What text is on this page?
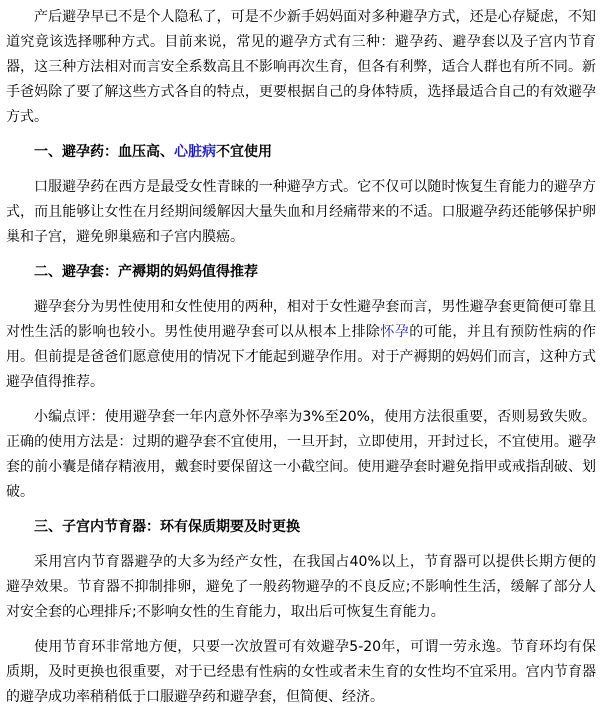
产后避孕早已不是个人隐私了，可是不少新手妈妈面对多种避孕方式，还是心存疑虑，不知道究竟该选择哪种方式。目前来说，常见的避孕方式有三种：避孕药、避孕套以及子宫内节育器，这三种方法相对而言安全系数高且不影响再次生育，但各有利弊，适合人群也有所不同。新手爸妈除了要了解这些方式各自的特点，更要根据自己的身体特质，选择最适合自己的有效避孕方式。

一、避孕药：血压高、心脏病不宜使用

口服避孕药在西方是最受女性青睐的一种避孕方式。它不仅可以随时恢复生育能力的避孕方式，而且能够让女性在月经期间缓解因大量失血和月经痛带来的不适。口服避孕药还能够保护卵巢和子宫，避免卵巢癌和子宫内膜癌。

二、避孕套：产褥期的妈妈值得推荐

避孕套分为男性使用和女性使用的两种，相对于女性避孕套而言，男性避孕套更简便可靠且对性生活的影响也较小。男性使用避孕套可以从根本上排除怀孕的可能，并且有预防性病的作用。但前提是爸爸们愿意使用的情况下才能起到避孕作用。对于产褥期的妈妈们而言，这种方式避孕值得推荐。

小编点评：使用避孕套一年内意外怀孕率为3%至20%，使用方法很重要，否则易致失败。正确的使用方法是：过期的避孕套不宜使用，一旦开封，立即使用，开封过长，不宜使用。避孕套的前小囊是储存精液用，戴套时要保留这一小截空间。使用避孕套时避免指甲或戒指刮破、划破。

三、子宫内节育器：环有保质期要及时更换

采用宫内节育器避孕的大多为经产女性，在我国占40%以上，节育器可以提供长期方便的避孕效果。节育器不抑制排卵，避免了一般药物避孕的不良反应;不影响性生活，缓解了部分人对安全套的心理排斥;不影响女性的生育能力，取出后可恢复生育能力。

使用节育环非常地方便，只要一次放置可有效避孕5-20年，可谓一劳永逸。节育环均有保质期，及时更换也很重要，对于已经患有性病的女性或者未生育的女性均不宜采用。宫内节育器的避孕成功率稍稍低于口服避孕药和避孕套，但简便、经济。
